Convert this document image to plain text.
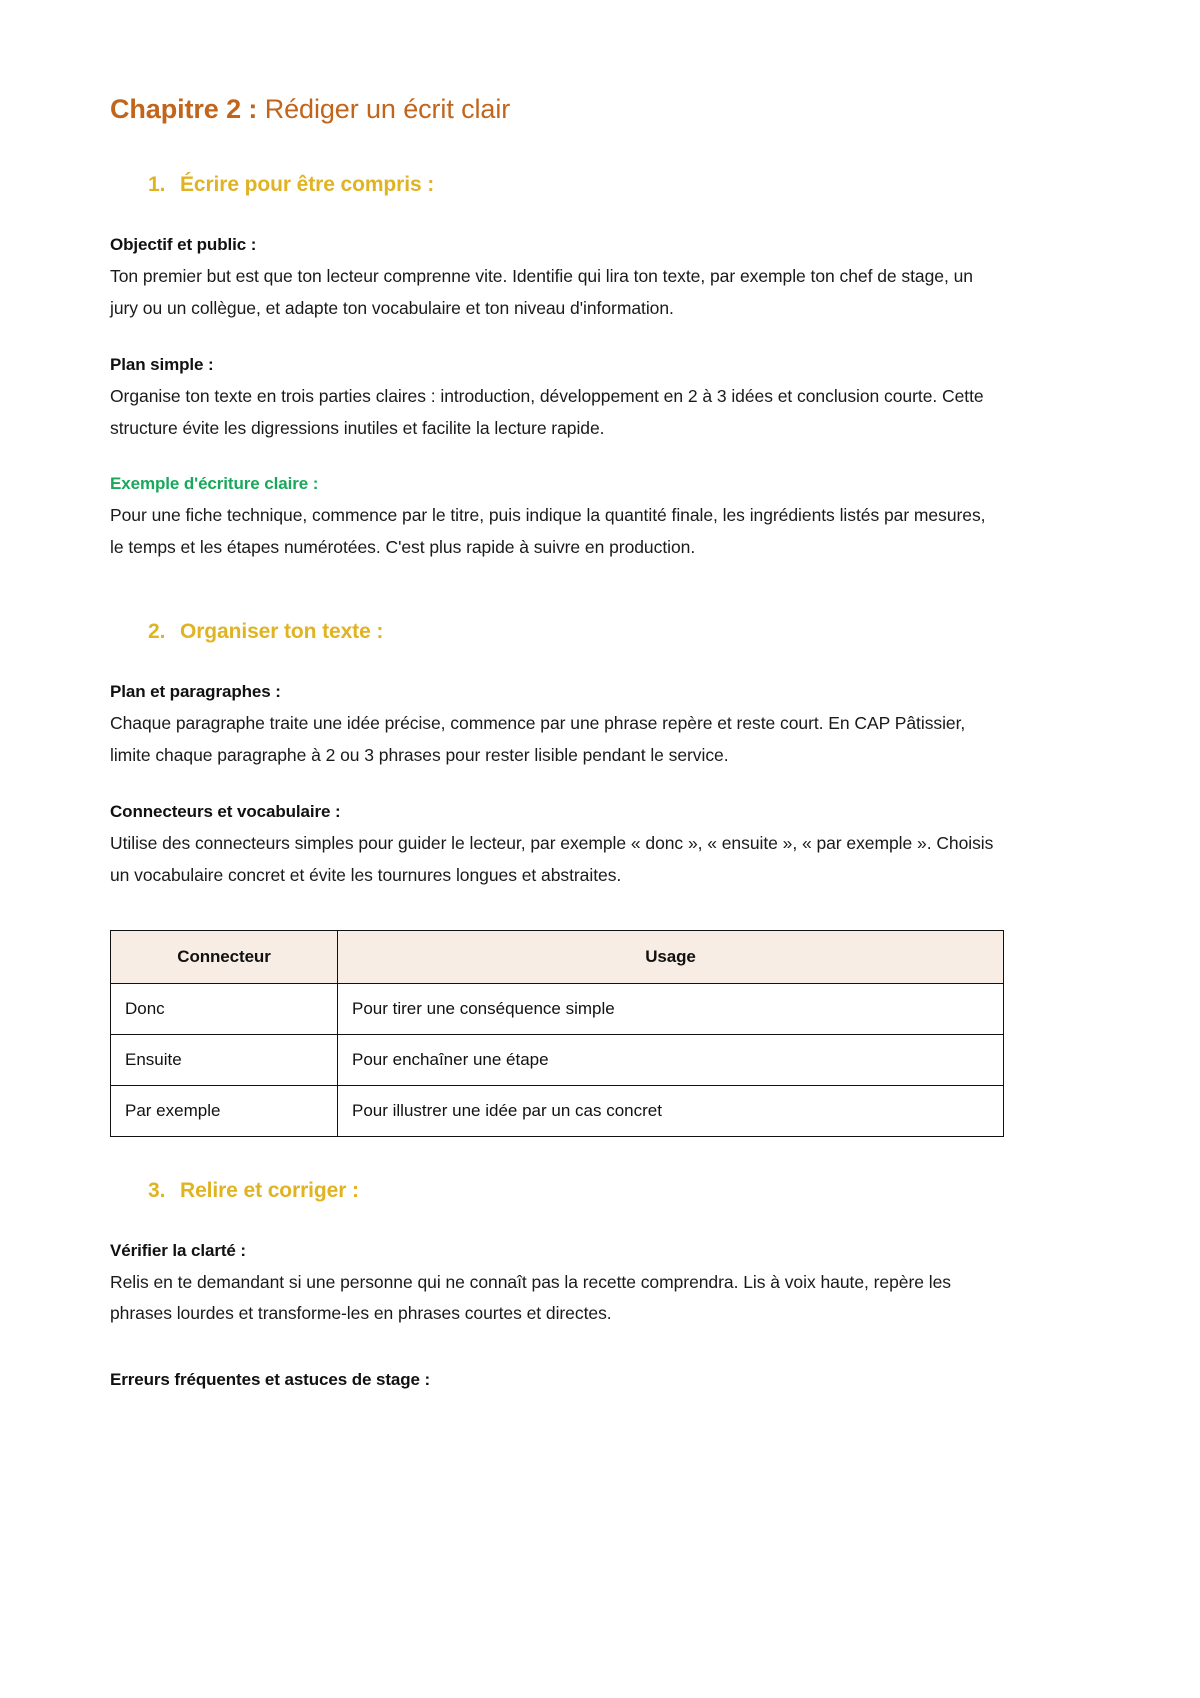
Chapitre 2 : Rédiger un écrit clair
1. Écrire pour être compris :
Objectif et public :

Ton premier but est que ton lecteur comprenne vite. Identifie qui lira ton texte, par exemple ton chef de stage, un jury ou un collègue, et adapte ton vocabulaire et ton niveau d'information.

Plan simple :

Organise ton texte en trois parties claires : introduction, développement en 2 à 3 idées et conclusion courte. Cette structure évite les digressions inutiles et facilite la lecture rapide.

Exemple d'écriture claire :

Pour une fiche technique, commence par le titre, puis indique la quantité finale, les ingrédients listés par mesures, le temps et les étapes numérotées. C'est plus rapide à suivre en production.

2. Organiser ton texte :
Plan et paragraphes :

Chaque paragraphe traite une idée précise, commence par une phrase repère et reste court. En CAP Pâtissier, limite chaque paragraphe à 2 ou 3 phrases pour rester lisible pendant le service.

Connecteurs et vocabulaire :

Utilise des connecteurs simples pour guider le lecteur, par exemple « donc », « ensuite », « par exemple ». Choisis un vocabulaire concret et évite les tournures longues et abstraites.

Connecteur	Usage
Donc	Pour tirer une conséquence simple
Ensuite	Pour enchaîner une étape
Par exemple	Pour illustrer une idée par un cas concret
3. Relire et corriger :
Vérifier la clarté :

Relis en te demandant si une personne qui ne connaît pas la recette comprendra. Lis à voix haute, repère les phrases lourdes et transforme-les en phrases courtes et directes.

Erreurs fréquentes et astuces de stage :
